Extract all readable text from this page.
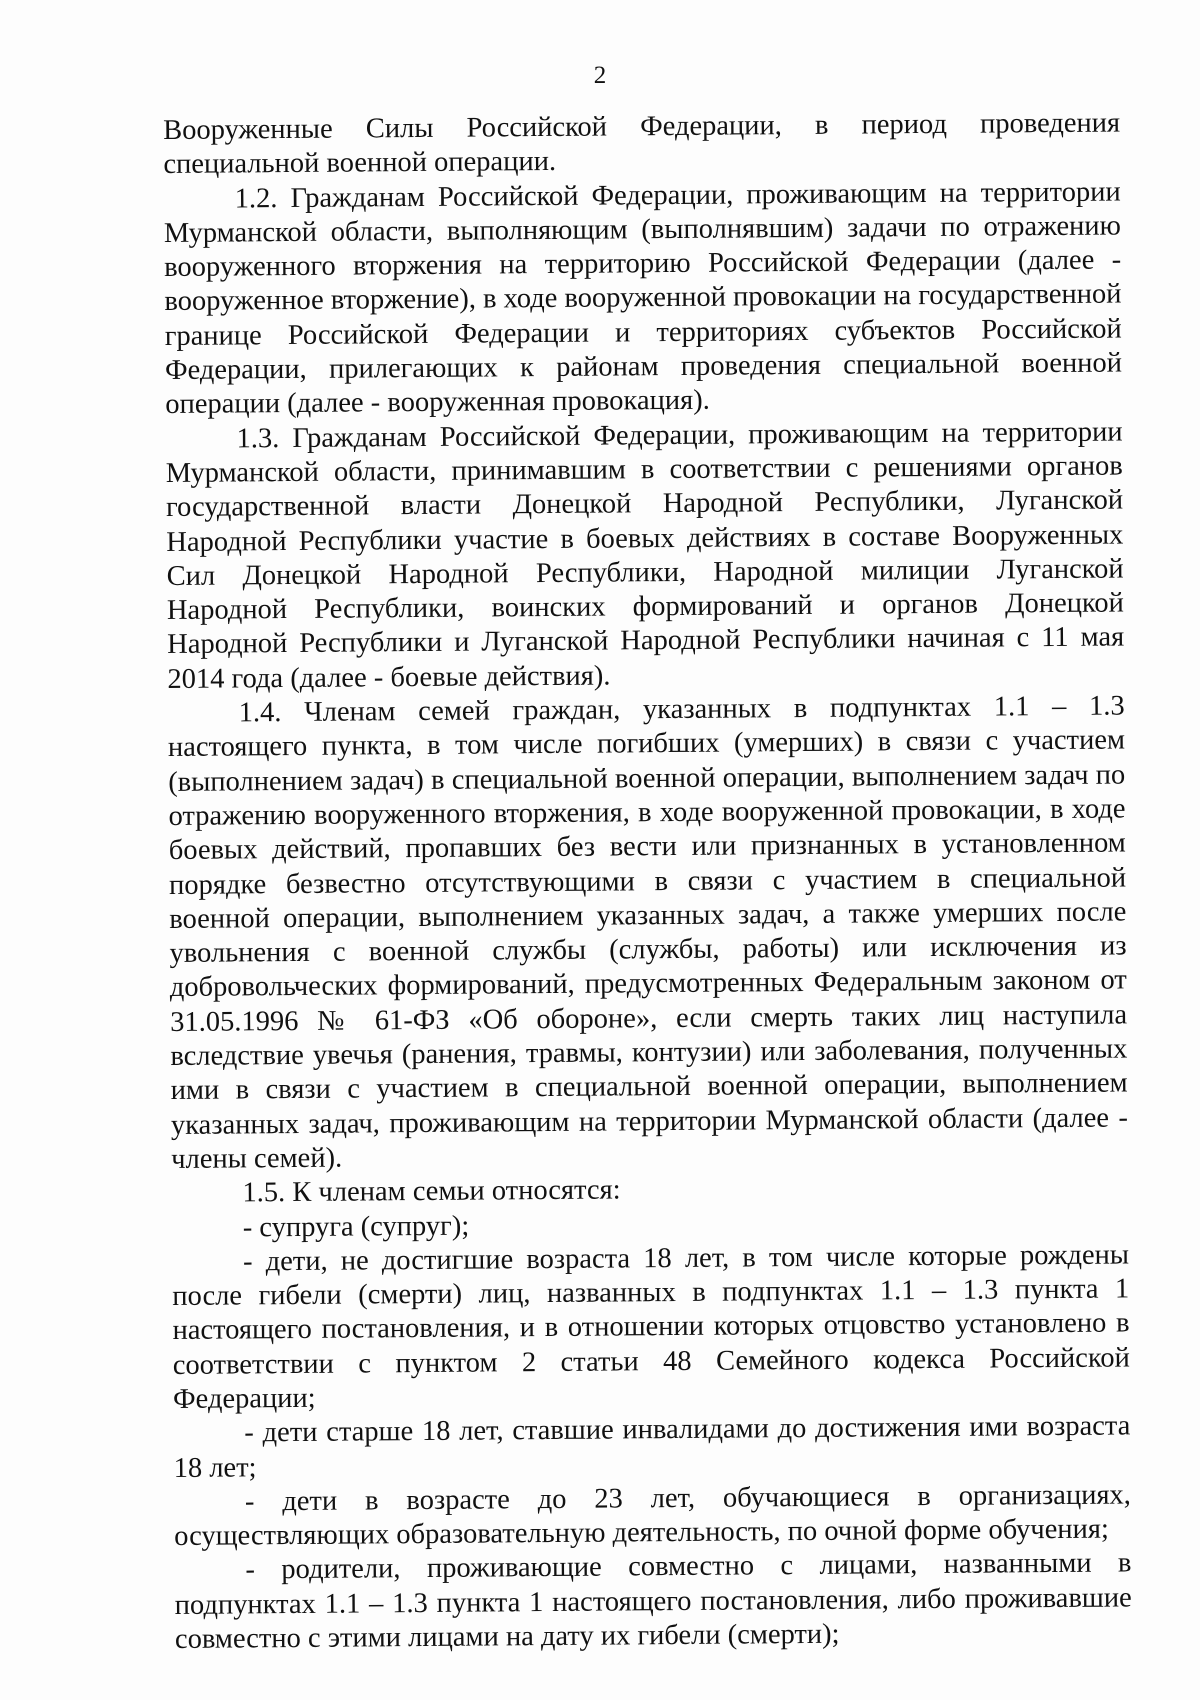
2

Вооруженные Силы Российской Федерации, в период проведения специальной военной операции.

1.2. Гражданам Российской Федерации, проживающим на территории Мурманской области, выполняющим (выполнявшим) задачи по отражению вооруженного вторжения на территорию Российской Федерации (далее - вооруженное вторжение), в ходе вооруженной провокации на государственной границе Российской Федерации и территориях субъектов Российской Федерации, прилегающих к районам проведения специальной военной операции (далее - вооруженная провокация).

1.3. Гражданам Российской Федерации, проживающим на территории Мурманской области, принимавшим в соответствии с решениями органов государственной власти Донецкой Народной Республики, Луганской Народной Республики участие в боевых действиях в составе Вооруженных Сил Донецкой Народной Республики, Народной милиции Луганской Народной Республики, воинских формирований и органов Донецкой Народной Республики и Луганской Народной Республики начиная с 11 мая 2014 года (далее - боевые действия).

1.4. Членам семей граждан, указанных в подпунктах 1.1 – 1.3 настоящего пункта, в том числе погибших (умерших) в связи с участием (выполнением задач) в специальной военной операции, выполнением задач по отражению вооруженного вторжения, в ходе вооруженной провокации, в ходе боевых действий, пропавших без вести или признанных в установленном порядке безвестно отсутствующими в связи с участием в специальной военной операции, выполнением указанных задач, а также умерших после увольнения с военной службы (службы, работы) или исключения из добровольческих формирований, предусмотренных Федеральным законом от 31.05.1996 № 61-ФЗ «Об обороне», если смерть таких лиц наступила вследствие увечья (ранения, травмы, контузии) или заболевания, полученных ими в связи с участием в специальной военной операции, выполнением указанных задач, проживающим на территории Мурманской области (далее - члены семей).

1.5. К членам семьи относятся:

- супруга (супруг);

- дети, не достигшие возраста 18 лет, в том числе которые рождены после гибели (смерти) лиц, названных в подпунктах 1.1 – 1.3 пункта 1 настоящего постановления, и в отношении которых отцовство установлено в соответствии с пунктом 2 статьи 48 Семейного кодекса Российской Федерации;

- дети старше 18 лет, ставшие инвалидами до достижения ими возраста 18 лет;

- дети в возрасте до 23 лет, обучающиеся в организациях, осуществляющих образовательную деятельность, по очной форме обучения;

- родители, проживающие совместно с лицами, названными в подпунктах 1.1 – 1.3 пункта 1 настоящего постановления, либо проживавшие совместно с этими лицами на дату их гибели (смерти);
